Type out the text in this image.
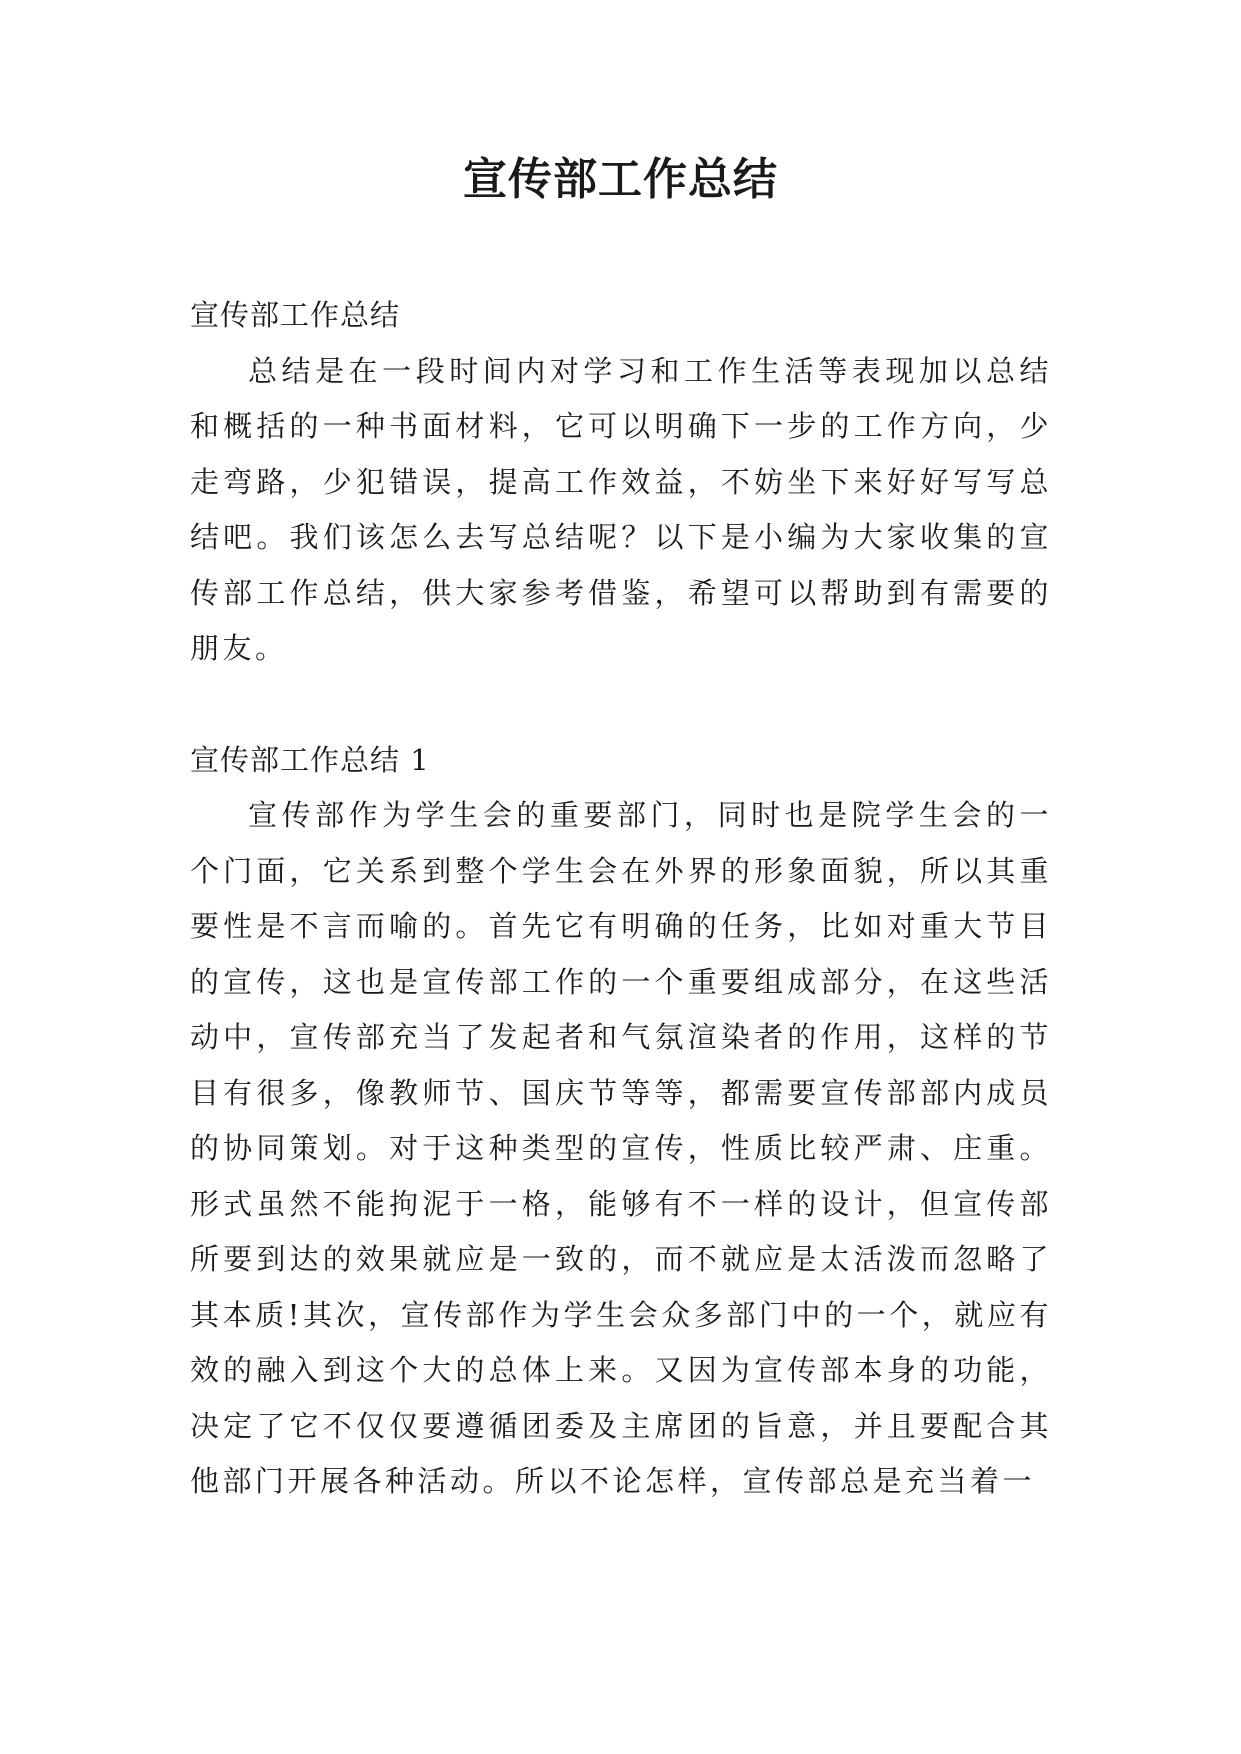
宣传部工作总结
宣传部工作总结

总结是在一段时间内对学习和工作生活等表现加以总结和概括的一种书面材料，它可以明确下一步的工作方向，少走弯路，少犯错误，提高工作效益，不妨坐下来好好写写总结吧。我们该怎么去写总结呢？以下是小编为大家收集的宣传部工作总结，供大家参考借鉴，希望可以帮助到有需要的朋友。

宣传部工作总结 1

宣传部作为学生会的重要部门，同时也是院学生会的一个门面，它关系到整个学生会在外界的形象面貌，所以其重要性是不言而喻的。首先它有明确的任务，比如对重大节目的宣传，这也是宣传部工作的一个重要组成部分，在这些活动中，宣传部充当了发起者和气氛渲染者的作用，这样的节目有很多，像教师节、国庆节等等，都需要宣传部部内成员的协同策划。对于这种类型的宣传，性质比较严肃、庄重。形式虽然不能拘泥于一格，能够有不一样的设计，但宣传部所要到达的效果就应是一致的，而不就应是太活泼而忽略了其本质!其次，宣传部作为学生会众多部门中的一个，就应有效的融入到这个大的总体上来。又因为宣传部本身的功能，决定了它不仅仅要遵循团委及主席团的旨意，并且要配合其他部门开展各种活动。所以不论怎样，宣传部总是充当着一
